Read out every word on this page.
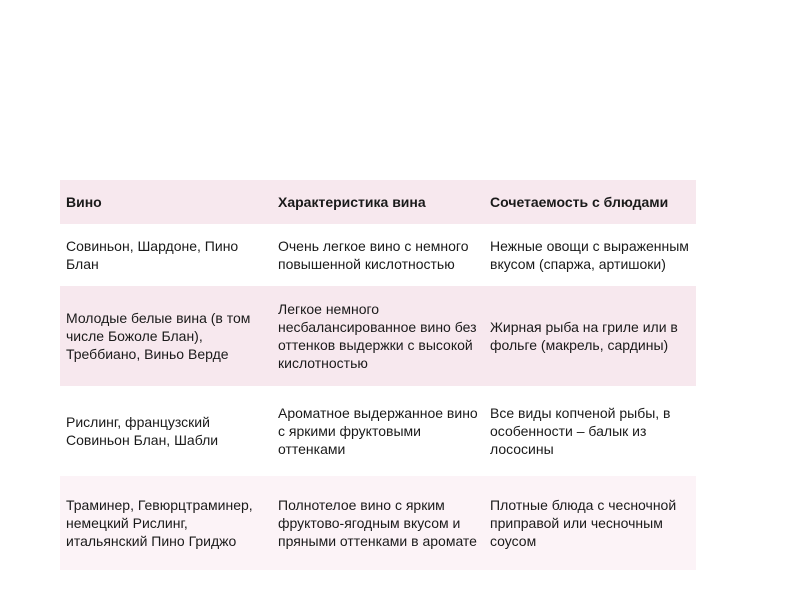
Вино	Характеристика вина	Сочетаемость с блюдами
Совиньон, Шардоне, Пино Блан	Очень легкое вино с немного повышенной кислотностью	Нежные овощи с выраженным вкусом (спаржа, артишоки)
Молодые белые вина (в том числе Божоле Блан), Треббиано, Виньо Верде	Легкое немного несбалансированное вино без оттенков выдержки с высокой кислотностью	Жирная рыба на гриле или в фольге (макрель, сардины)
Рислинг, французский Совиньон Блан, Шабли	Ароматное выдержанное вино с яркими фруктовыми оттенками	Все виды копченой рыбы, в особенности – балык из лососины
Траминер, Гевюрцтраминер, немецкий Рислинг, итальянский Пино Гриджо	Полнотелое вино с ярким фруктово-ягодным вкусом и пряными оттенками в аромате	Плотные блюда с чесночной приправой или чесночным соусом
